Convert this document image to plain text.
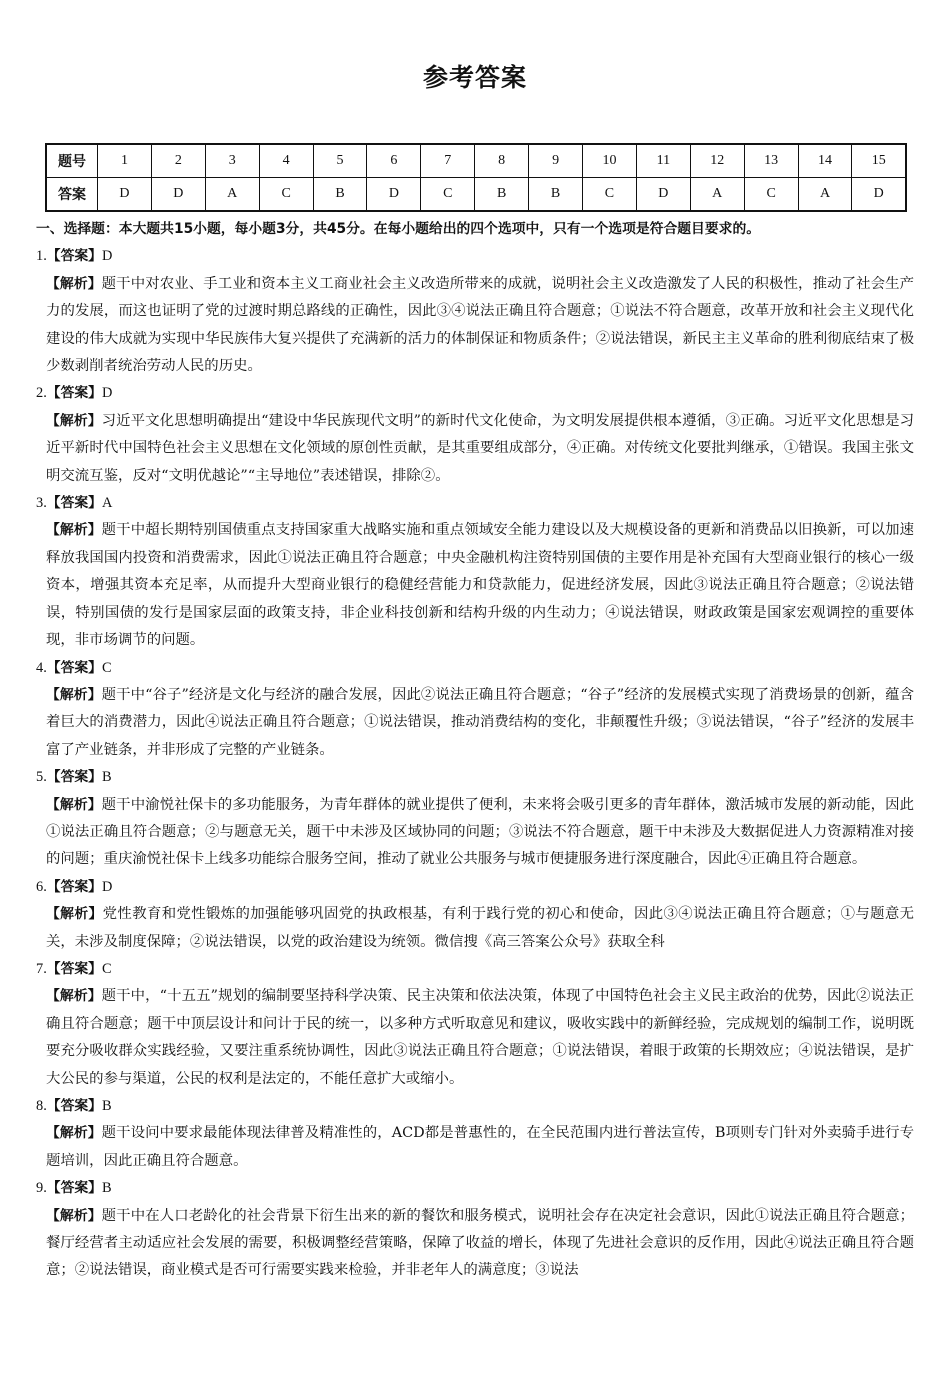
参考答案
题号	1	2	3	4	5	6	7	8	9	10	11	12	13	14	15
答案	D	D	A	C	B	D	C	B	B	C	D	A	C	A	D
一、选择题：本大题共15小题，每小题3分，共45分。在每小题给出的四个选项中，只有一个选项是符合题目要求的。
1.【答案】D
【解析】题干中对农业、手工业和资本主义工商业社会主义改造所带来的成就，说明社会主义改造激发了人民的积极性，推动了社会生产力的发展，而这也证明了党的过渡时期总路线的正确性，因此③④说法正确且符合题意；①说法不符合题意，改革开放和社会主义现代化建设的伟大成就为实现中华民族伟大复兴提供了充满新的活力的体制保证和物质条件；②说法错误，新民主主义革命的胜利彻底结束了极少数剥削者统治劳动人民的历史。
2.【答案】D
【解析】习近平文化思想明确提出“建设中华民族现代文明”的新时代文化使命，为文明发展提供根本遵循，③正确。习近平文化思想是习近平新时代中国特色社会主义思想在文化领域的原创性贡献，是其重要组成部分，④正确。对传统文化要批判继承，①错误。我国主张文明交流互鉴，反对“文明优越论”“主导地位”表述错误，排除②。
3.【答案】A
【解析】题干中超长期特别国债重点支持国家重大战略实施和重点领域安全能力建设以及大规模设备的更新和消费品以旧换新，可以加速释放我国国内投资和消费需求，因此①说法正确且符合题意；中央金融机构注资特别国债的主要作用是补充国有大型商业银行的核心一级资本，增强其资本充足率，从而提升大型商业银行的稳健经营能力和贷款能力，促进经济发展，因此③说法正确且符合题意；②说法错误，特别国债的发行是国家层面的政策支持，非企业科技创新和结构升级的内生动力；④说法错误，财政政策是国家宏观调控的重要体现，非市场调节的问题。
4.【答案】C
【解析】题干中“谷子”经济是文化与经济的融合发展，因此②说法正确且符合题意；“谷子”经济的发展模式实现了消费场景的创新，蕴含着巨大的消费潜力，因此④说法正确且符合题意；①说法错误，推动消费结构的变化，非颠覆性升级；③说法错误，“谷子”经济的发展丰富了产业链条，并非形成了完整的产业链条。
5.【答案】B
【解析】题干中渝悦社保卡的多功能服务，为青年群体的就业提供了便利，未来将会吸引更多的青年群体，激活城市发展的新动能，因此①说法正确且符合题意；②与题意无关，题干中未涉及区域协同的问题；③说法不符合题意，题干中未涉及大数据促进人力资源精准对接的问题；重庆渝悦社保卡上线多功能综合服务空间，推动了就业公共服务与城市便捷服务进行深度融合，因此④正确且符合题意。
6.【答案】D
【解析】党性教育和党性锻炼的加强能够巩固党的执政根基，有利于践行党的初心和使命，因此③④说法正确且符合题意；①与题意无关，未涉及制度保障；②说法错误，以党的政治建设为统领。微信搜《高三答案公众号》获取全科
7.【答案】C
【解析】题干中，“十五五”规划的编制要坚持科学决策、民主决策和依法决策，体现了中国特色社会主义民主政治的优势，因此②说法正确且符合题意；题干中顶层设计和问计于民的统一，以多种方式听取意见和建议，吸收实践中的新鲜经验，完成规划的编制工作，说明既要充分吸收群众实践经验，又要注重系统协调性，因此③说法正确且符合题意；①说法错误，着眼于政策的长期效应；④说法错误，是扩大公民的参与渠道，公民的权利是法定的，不能任意扩大或缩小。
8.【答案】B
【解析】题干设问中要求最能体现法律普及精准性的，ACD都是普惠性的，在全民范围内进行普法宣传，B项则专门针对外卖骑手进行专题培训，因此正确且符合题意。
9.【答案】B
【解析】题干中在人口老龄化的社会背景下衍生出来的新的餐饮和服务模式，说明社会存在决定社会意识，因此①说法正确且符合题意；餐厅经营者主动适应社会发展的需要，积极调整经营策略，保障了收益的增长，体现了先进社会意识的反作用，因此④说法正确且符合题意；②说法错误，商业模式是否可行需要实践来检验，并非老年人的满意度；③说法
